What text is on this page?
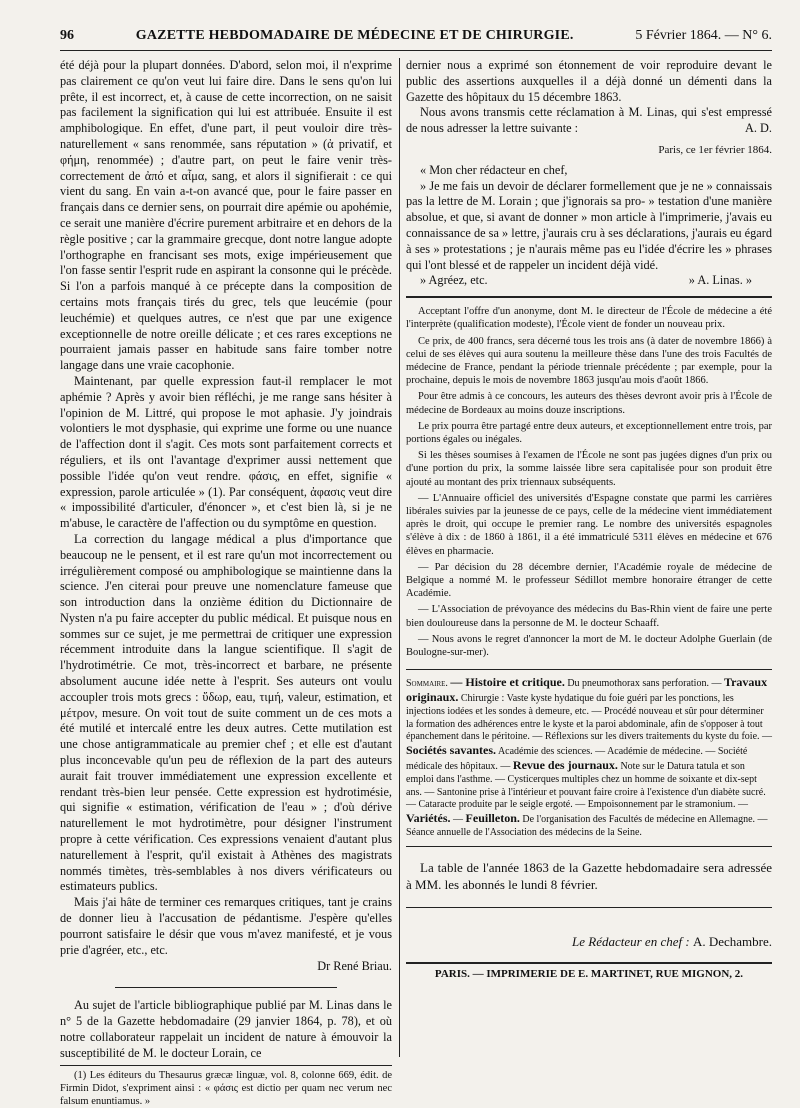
96	GAZETTE HEBDOMADAIRE DE MÉDECINE ET DE CHIRURGIE.	5 Février 1864. — N° 6.

été déjà pour la plupart données. D'abord, selon moi, il n'exprime pas clairement ce qu'on veut lui faire dire. Dans le sens qu'on lui prête, il est incorrect, et, à cause de cette incorrection, on ne saisit pas facilement la signification qui lui est attribuée. Ensuite il est amphibologique. En effet, d'une part, il peut vouloir dire très-naturellement « sans renommée, sans réputation » (ἀ privatif, et φήμη, renommée) ; d'autre part, on peut le faire venir très-correctement de ἀπό et αἷμα, sang, et alors il signifierait : ce qui vient du sang. En vain a-t-on avancé que, pour le faire passer en français dans ce dernier sens, on pourrait dire apémie ou apohémie, ce serait une manière d'écrire purement arbitraire et en dehors de la règle positive ; car la grammaire grecque, dont notre langue adopte l'orthographe en francisant ses mots, exige impérieusement que l'on fasse sentir l'esprit rude en aspirant la consonne qui le précède. Si l'on a parfois manqué à ce précepte dans la composition de certains mots français tirés du grec, tels que leucémie (pour leuchémie) et quelques autres, ce n'est que par une exigence exceptionnelle de notre oreille délicate ; et ces rares exceptions ne pourraient jamais passer en habitude sans faire tomber notre langage dans une vraie cacophonie.

Maintenant, par quelle expression faut-il remplacer le mot aphémie ? Après y avoir bien réfléchi, je me range sans hésiter à l'opinion de M. Littré, qui propose le mot aphasie. J'y joindrais volontiers le mot dysphasie, qui exprime une forme ou une nuance de l'affection dont il s'agit. Ces mots sont parfaitement corrects et réguliers, et ils ont l'avantage d'exprimer aussi nettement que possible l'idée qu'on veut rendre. φάσις, en effet, signifie « expression, parole articulée » (1). Par conséquent, ἀφασις veut dire « impossibilité d'articuler, d'énoncer », et c'est bien là, si je ne m'abuse, le caractère de l'affection ou du symptôme en question.

La correction du langage médical a plus d'importance que beaucoup ne le pensent, et il est rare qu'un mot incorrectement ou irrégulièrement composé ou amphibologique se maintienne dans la science. J'en citerai pour preuve une nomenclature fameuse que son introduction dans la onzième édition du Dictionnaire de Nysten n'a pu faire accepter du public médical. Et puisque nous en sommes sur ce sujet, je me permettrai de critiquer une expression récemment introduite dans la langue scientifique. Il s'agit de l'hydrotimétrie. Ce mot, très-incorrect et barbare, ne présente absolument aucune idée nette à l'esprit. Ses auteurs ont voulu accoupler trois mots grecs : ὕδωρ, eau, τιμή, valeur, estimation, et μέτρον, mesure. On voit tout de suite comment un de ces mots a été mutilé et intercalé entre les deux autres. Cette mutilation est une chose antigrammaticale au premier chef ; et elle est d'autant plus inconcevable qu'un peu de réflexion de la part des auteurs aurait fait trouver immédiatement une expression excellente et rendant très-bien leur pensée. Cette expression est hydrotimésie, qui signifie « estimation, vérification de l'eau » ; d'où dérive naturellement le mot hydrotimètre, pour désigner l'instrument propre à cette vérification. Ces expressions venaient d'autant plus naturellement à l'esprit, qu'il existait à Athènes des magistrats nommés timètes, très-semblables à nos divers vérificateurs ou estimateurs publics.

Mais j'ai hâte de terminer ces remarques critiques, tant je crains de donner lieu à l'accusation de pédantisme. J'espère qu'elles pourront satisfaire le désir que vous m'avez manifesté, et je vous prie d'agréer, etc., etc.

Dr René Briau.

Au sujet de l'article bibliographique publié par M. Linas dans le n° 5 de la Gazette hebdomadaire (29 janvier 1864, p. 78), et où notre collaborateur rappelait un incident de nature à émouvoir la susceptibilité de M. le docteur Lorain, ce

(1) Les éditeurs du Thesaurus græcæ linguæ, vol. 8, colonne 669, édit. de Firmin Didot, s'expriment ainsi : « φάσις est dictio per quam nec verum nec falsum enuntiamus. »

dernier nous a exprimé son étonnement de voir reproduire devant le public des assertions auxquelles il a déjà donné un démenti dans la Gazette des hôpitaux du 15 décembre 1863.

Nous avons transmis cette réclamation à M. Linas, qui s'est empressé de nous adresser la lettre suivante :	A. D.

Paris, ce 1er février 1864.

« Mon cher rédacteur en chef,

» Je me fais un devoir de déclarer formellement que je ne » connaissais pas la lettre de M. Lorain ; que j'ignorais sa pro- » testation d'une manière absolue, et que, si avant de donner » mon article à l'imprimerie, j'avais eu connaissance de sa » lettre, j'aurais cru à ses déclarations, j'aurais eu égard à ses » protestations ; je n'aurais même pas eu l'idée d'écrire les » phrases qui l'ont blessé et de rappeler un incident déjà vidé.

» Agréez, etc.	» A. Linas. »

Acceptant l'offre d'un anonyme, dont M. le directeur de l'École de médecine a été l'interprète (qualification modeste), l'École vient de fonder un nouveau prix.

Ce prix, de 400 francs, sera décerné tous les trois ans (à dater de novembre 1866) à celui de ses élèves qui aura soutenu la meilleure thèse dans l'une des trois Facultés de médecine de France, pendant la période triennale précédente ; par exemple, pour la prochaine, depuis le mois de novembre 1863 jusqu'au mois d'août 1866.

Pour être admis à ce concours, les auteurs des thèses devront avoir pris à l'École de médecine de Bordeaux au moins douze inscriptions.

Le prix pourra être partagé entre deux auteurs, et exceptionnellement entre trois, par portions égales ou inégales.

Si les thèses soumises à l'examen de l'École ne sont pas jugées dignes d'un prix ou d'une portion du prix, la somme laissée libre sera capitalisée pour son produit être ajouté au montant des prix triennaux subséquents.

— L'Annuaire officiel des universités d'Espagne constate que parmi les carrières libérales suivies par la jeunesse de ce pays, celle de la médecine vient immédiatement après le droit, qui occupe le premier rang. Le nombre des universités espagnoles s'élève à dix : de 1860 à 1861, il a été immatriculé 5311 élèves en médecine et 676 élèves en pharmacie.

— Par décision du 28 décembre dernier, l'Académie royale de médecine de Belgique a nommé M. le professeur Sédillot membre honoraire étranger de cette Académie.

— L'Association de prévoyance des médecins du Bas-Rhin vient de faire une perte bien douloureuse dans la personne de M. le docteur Schaaff.

— Nous avons le regret d'annoncer la mort de M. le docteur Adolphe Guerlain (de Boulogne-sur-mer).

Sommaire. — Histoire et critique. Du pneumothorax sans perforation. — Travaux originaux. Chirurgie : Vaste kyste hydatique du foie guéri par les ponctions, les injections iodées et les sondes à demeure, etc. — Procédé nouveau et sûr pour déterminer la formation des adhérences entre le kyste et la paroi abdominale, afin de s'opposer à tout épanchement dans le péritoine. — Réflexions sur les divers traitements du kyste du foie. — Sociétés savantes. Académie des sciences. — Académie de médecine. — Société médicale des hôpitaux. — Revue des journaux. Note sur le Datura tatula et son emploi dans l'asthme. — Cysticerques multiples chez un homme de soixante et dix-sept ans. — Santonine prise à l'intérieur et pouvant faire croire à l'existence d'un diabète sucré. — Cataracte produite par le seigle ergoté. — Empoisonnement par le stramonium. — Variétés. — Feuilleton. De l'organisation des Facultés de médecine en Allemagne. — Séance annuelle de l'Association des médecins de la Seine.

La table de l'année 1863 de la Gazette hebdomadaire sera adressée à MM. les abonnés le lundi 8 février.

Le Rédacteur en chef : A. Dechambre.
PARIS. — IMPRIMERIE DE E. MARTINET, RUE MIGNON, 2.
